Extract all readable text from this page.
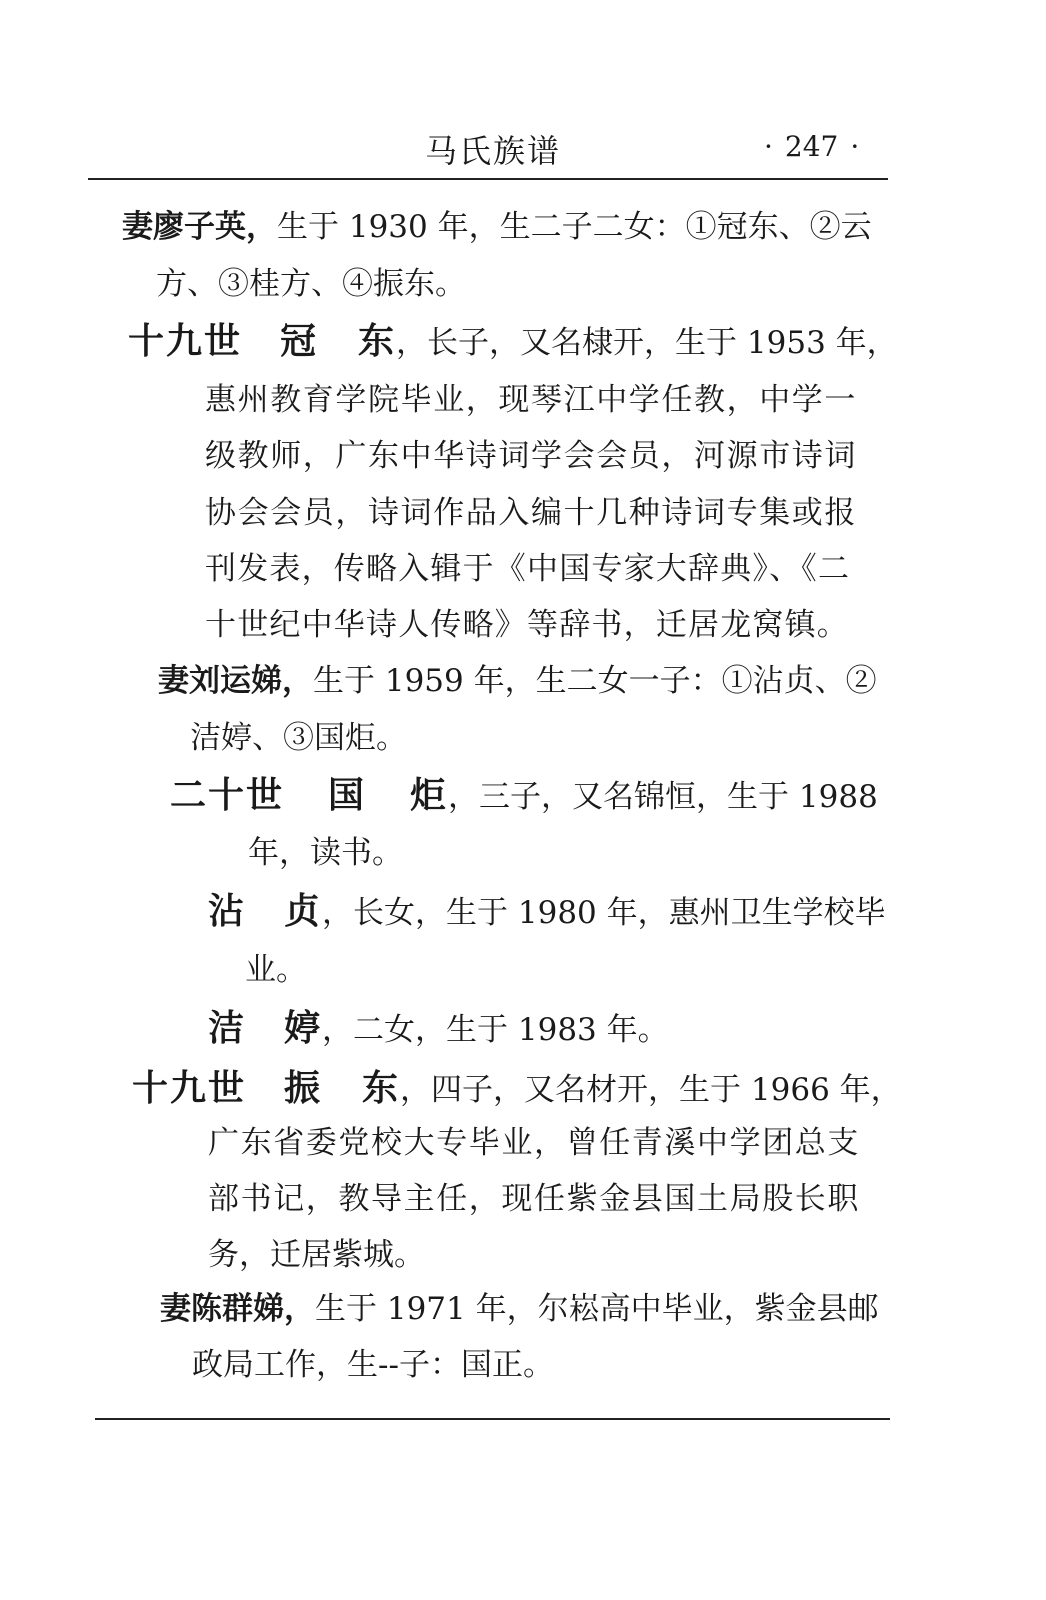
马氏族谱	· 247 ·
妻廖子英，生于 1930 年，生二子二女：①冠东、②云
方、③桂方、④振东。
十九世 冠 东，长子，又名棣开，生于 1953 年，
惠州教育学院毕业，现琴江中学任教，中学一
级教师，广东中华诗词学会会员，河源市诗词
协会会员，诗词作品入编十几种诗词专集或报
刊发表，传略入辑于《中国专家大辞典》、《二
十世纪中华诗人传略》等辞书，迁居龙窝镇。
妻刘运娣，生于 1959 年，生二女一子：①沾贞、②
洁婷、③国炬。
二十世 国 炬，三子，又名锦恒，生于 1988
年，读书。
沾 贞，长女，生于 1980 年，惠州卫生学校毕
业。
洁 婷，二女，生于 1983 年。
十九世 振 东，四子，又名材开，生于 1966 年，
广东省委党校大专毕业，曾任青溪中学团总支
部书记，教导主任，现任紫金县国土局股长职
务，迁居紫城。
妻陈群娣，生于 1971 年，尔崧高中毕业，紫金县邮
政局工作，生--子：国正。
